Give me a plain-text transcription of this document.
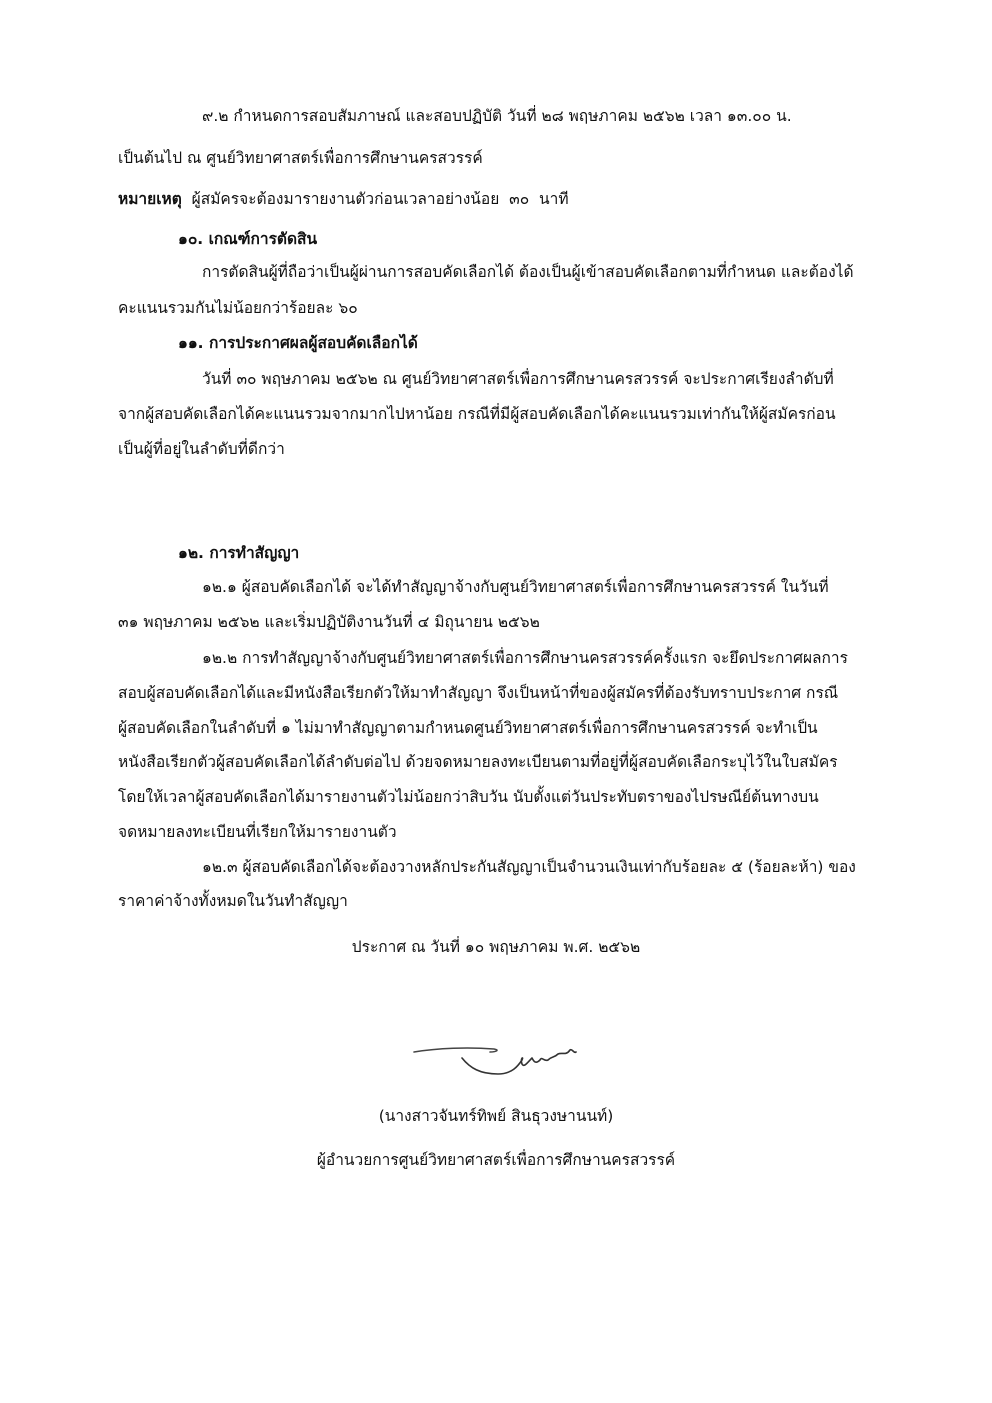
๙.๒ กำหนดการสอบสัมภาษณ์ และสอบปฏิบัติ วันที่ ๒๘ พฤษภาคม ๒๕๖๒ เวลา ๑๓.๐๐ น.
เป็นต้นไป ณ ศูนย์วิทยาศาสตร์เพื่อการศึกษานครสวรรค์
หมายเหตุ  ผู้สมัครจะต้องมารายงานตัวก่อนเวลาอย่างน้อย  ๓๐  นาที
๑๐. เกณฑ์การตัดสิน
การตัดสินผู้ที่ถือว่าเป็นผู้ผ่านการสอบคัดเลือกได้ ต้องเป็นผู้เข้าสอบคัดเลือกตามที่กำหนด และต้องได้
คะแนนรวมกันไม่น้อยกว่าร้อยละ ๖๐
๑๑. การประกาศผลผู้สอบคัดเลือกได้
วันที่ ๓๐ พฤษภาคม ๒๕๖๒ ณ ศูนย์วิทยาศาสตร์เพื่อการศึกษานครสวรรค์ จะประกาศเรียงลำดับที่
จากผู้สอบคัดเลือกได้คะแนนรวมจากมากไปหาน้อย กรณีที่มีผู้สอบคัดเลือกได้คะแนนรวมเท่ากันให้ผู้สมัครก่อน
เป็นผู้ที่อยู่ในลำดับที่ดีกว่า
๑๒. การทำสัญญา
๑๒.๑ ผู้สอบคัดเลือกได้ จะได้ทำสัญญาจ้างกับศูนย์วิทยาศาสตร์เพื่อการศึกษานครสวรรค์ ในวันที่
๓๑ พฤษภาคม ๒๕๖๒ และเริ่มปฏิบัติงานวันที่ ๔ มิถุนายน ๒๕๖๒
๑๒.๒ การทำสัญญาจ้างกับศูนย์วิทยาศาสตร์เพื่อการศึกษานครสวรรค์ครั้งแรก จะยึดประกาศผลการ
สอบผู้สอบคัดเลือกได้และมีหนังสือเรียกตัวให้มาทำสัญญา จึงเป็นหน้าที่ของผู้สมัครที่ต้องรับทราบประกาศ กรณี
ผู้สอบคัดเลือกในลำดับที่ ๑ ไม่มาทำสัญญาตามกำหนดศูนย์วิทยาศาสตร์เพื่อการศึกษานครสวรรค์ จะทำเป็น
หนังสือเรียกตัวผู้สอบคัดเลือกได้ลำดับต่อไป ด้วยจดหมายลงทะเบียนตามที่อยู่ที่ผู้สอบคัดเลือกระบุไว้ในใบสมัคร
โดยให้เวลาผู้สอบคัดเลือกได้มารายงานตัวไม่น้อยกว่าสิบวัน นับตั้งแต่วันประทับตราของไปรษณีย์ต้นทางบน
จดหมายลงทะเบียนที่เรียกให้มารายงานตัว
๑๒.๓ ผู้สอบคัดเลือกได้จะต้องวางหลักประกันสัญญาเป็นจำนวนเงินเท่ากับร้อยละ ๕ (ร้อยละห้า) ของ
ราคาค่าจ้างทั้งหมดในวันทำสัญญา
ประกาศ ณ วันที่ ๑๐ พฤษภาคม พ.ศ. ๒๕๖๒
(นางสาวจันทร์ทิพย์ สินธุวงษานนท์)
ผู้อำนวยการศูนย์วิทยาศาสตร์เพื่อการศึกษานครสวรรค์
